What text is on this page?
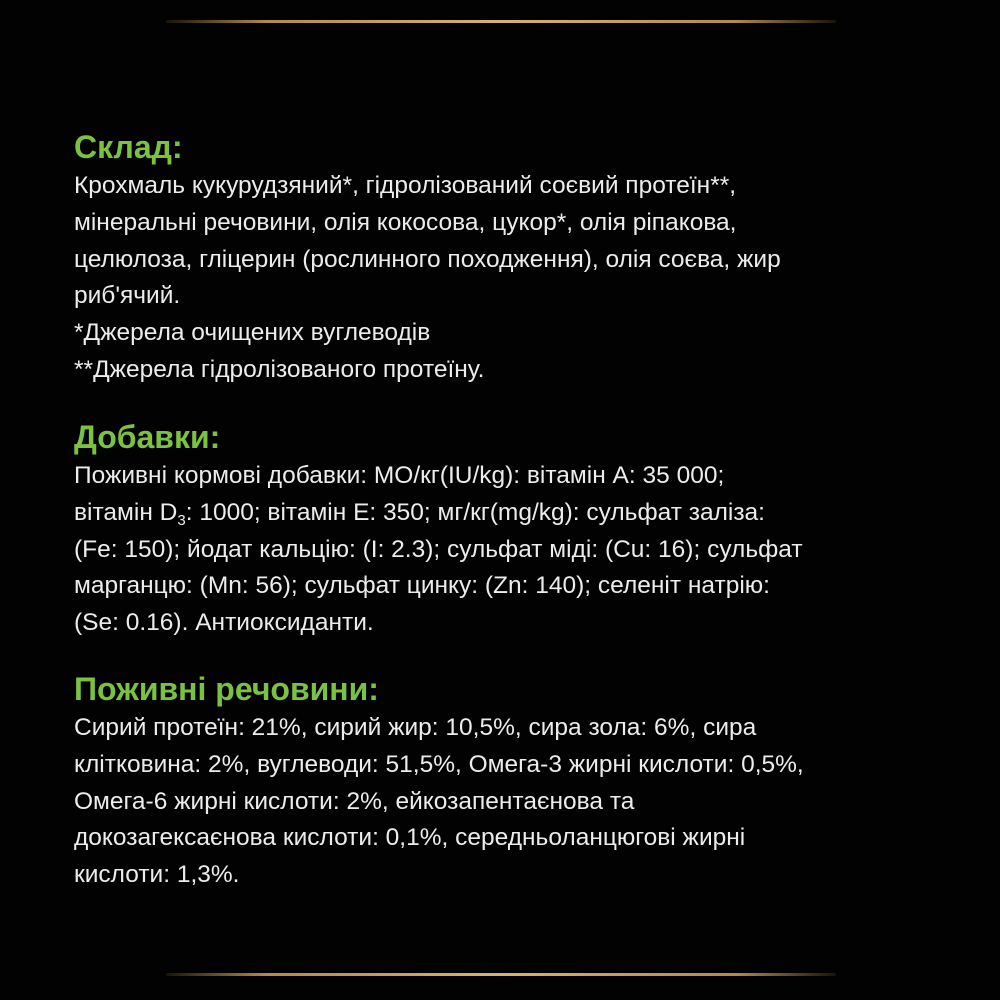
Склад:

Крохмаль кукурудзяний*, гідролізований соєвий протеїн**,
мінеральні речовини, олія кокосова, цукор*, олія ріпакова,
целюлоза, гліцерин (рослинного походження), олія соєва, жир
риб'ячий.
*Джерела очищених вуглеводів
**Джерела гідролізованого протеїну.

Добавки:

Поживні кормові добавки: МО/кг(IU/kg): вітамін А: 35 000;
вітамін $D_3$: 1000; вітамін Е: 350; мг/кг(mg/kg): сульфат заліза:
(Fe: 150); йодат кальцію: (I: 2.3); сульфат міді: (Cu: 16); сульфат
марганцю: (Mn: 56); сульфат цинку: (Zn: 140); селеніт натрію:
(Se: 0.16). Антиоксиданти.

Поживні речовини:

Сирий протеїн: 21%, сирий жир: 10,5%, сира зола: 6%, сира
клітковина: 2%, вуглеводи: 51,5%, Омега-3 жирні кислоти: 0,5%,
Омега-6 жирні кислоти: 2%, ейкозапентаєнова та
докозагексаєнова кислоти: 0,1%, середньоланцюгові жирні
кислоти: 1,3%.
